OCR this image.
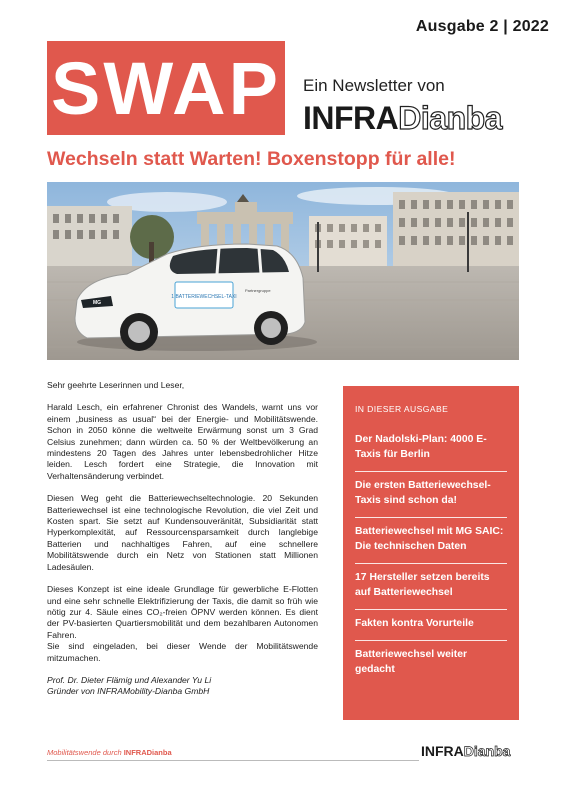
Ausgabe 2 | 2022
SWAP Ein Newsletter von
INFRADianba
Wechseln statt Warten! Boxenstopp für alle!
1 BATTERIEWECHSEL-TAXI
Partnergruppe
MG

Sehr geehrte Leserinnen und Leser,

Harald Lesch, ein erfahrener Chronist des Wandels, warnt uns vor einem „business as usual“ bei der Energie- und Mobilitätswende. Schon in 2050 könne die weltweite Erwärmung sonst um 3 Grad Celsius zunehmen; dann würden ca. 50 % der Weltbevölkerung an mindestens 20 Tagen des Jahres unter lebensbedrohlicher Hitze leiden. Lesch fordert eine Strategie, die Innovation mit Verhaltensänderung verbindet.

Diesen Weg geht die Batteriewechseltechnologie. 20 Sekunden Batteriewechsel ist eine technologische Revolution, die viel Zeit und Kosten spart. Sie setzt auf Kundensouveränität, Subsidiarität statt Hyperkomplexität, auf Ressourcensparsamkeit durch langlebige Batterien und nachhaltiges Fahren, auf eine schnellere Mobilitätswende durch ein Netz von Stationen statt Millionen Ladesäulen.

Dieses Konzept ist eine ideale Grundlage für gewerbliche E-Flotten und eine sehr schnelle Elektrifizierung der Taxis, die damit so früh wie nötig zur 4. Säule eines CO₂-freien ÖPNV werden können. Es dient der PV-basierten Quartiersmobilität und dem bezahlbaren Autonomen Fahren.
Sie sind eingeladen, bei dieser Wende der Mobilitätswende mitzumachen.

Prof. Dr. Dieter Flämig und Alexander Yu Li
Gründer von INFRAMobility-Dianba GmbH
IN DIESER AUSGABE
Der Nadolski-Plan: 4000 E-Taxis für Berlin
Die ersten Batteriewechsel-Taxis sind schon da!
Batteriewechsel mit MG SAIC: Die technischen Daten
17 Hersteller setzen bereits auf Batteriewechsel
Fakten kontra Vorurteile
Batteriewechsel weiter gedacht
Mobilitätswende durch INFRADianba	INFRADianba
